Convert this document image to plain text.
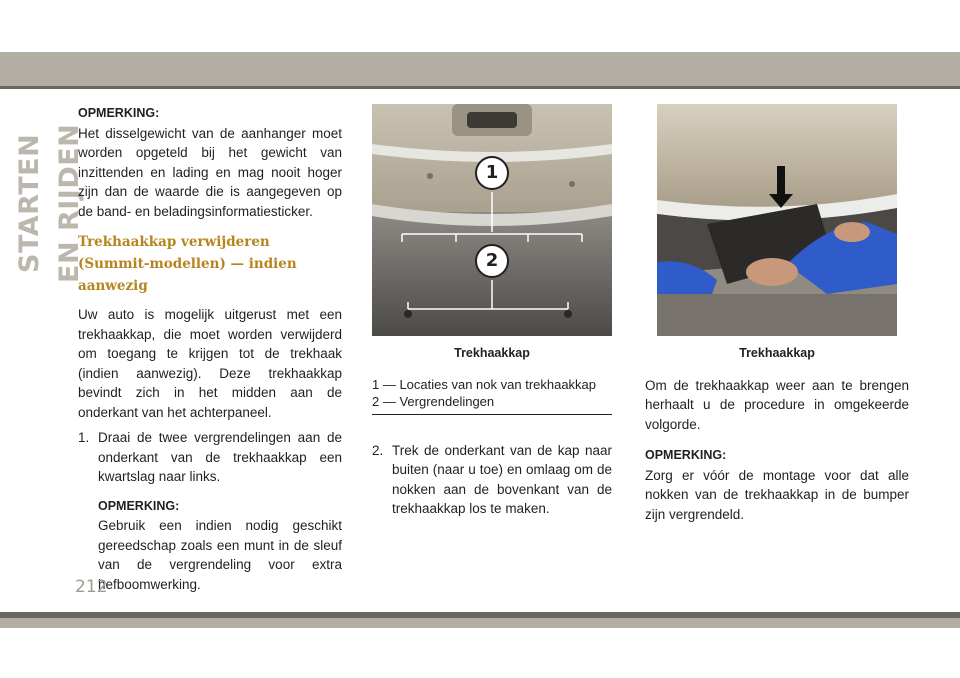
STARTEN EN RIJDEN
OPMERKING:
Het disselgewicht van de aanhanger moet worden opgeteld bij het gewicht van inzittenden en lading en mag nooit hoger zijn dan de waarde die is aangegeven op de band- en beladingsinformatiesticker.
Trekhaakkap verwijderen (Summit-modellen) — indien aanwezig
Uw auto is mogelijk uitgerust met een trekhaakkap, die moet worden verwijderd om toegang te krijgen tot de trekhaak (indien aanwezig). Deze trekhaakkap bevindt zich in het midden aan de onderkant van het achterpaneel.
1. Draai de twee vergrendelingen aan de onderkant van de trekhaakkap een kwartslag naar links.
OPMERKING:
Gebruik een indien nodig geschikt gereedschap zoals een munt in de sleuf van de vergrendeling voor extra hefboomwerking.
1
2
Trekhaakkap
1 — Locaties van nok van trekhaakkap
2 — Vergrendelingen
2. Trek de onderkant van de kap naar buiten (naar u toe) en omlaag om de nokken aan de bovenkant van de trekhaakkap los te maken.
Trekhaakkap
Om de trekhaakkap weer aan te brengen herhaalt u de procedure in omgekeerde volgorde.
OPMERKING:
Zorg er vóór de montage voor dat alle nokken van de trekhaakkap in de bumper zijn vergrendeld.
212
